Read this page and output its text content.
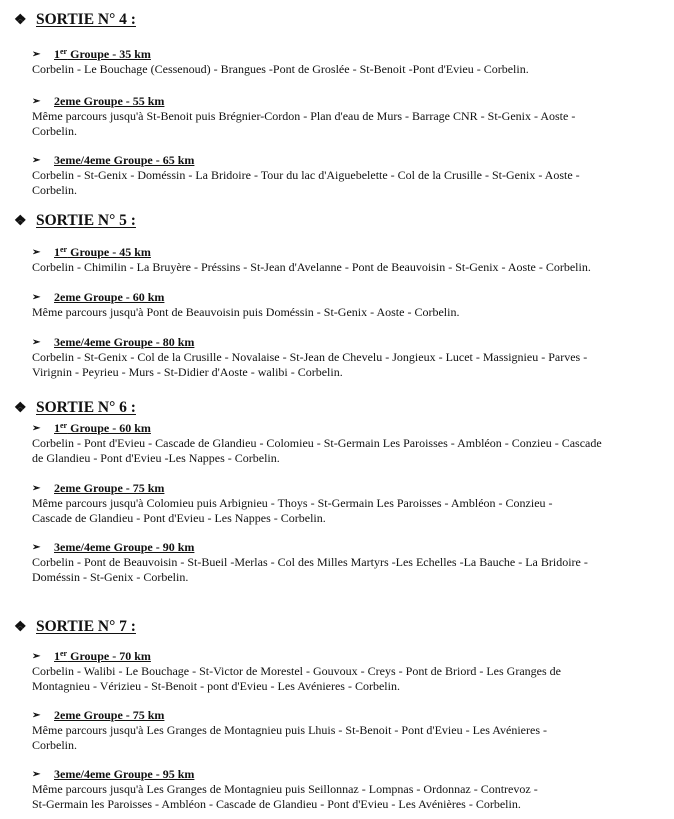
❖ SORTIE N° 4 :
➢	1er Groupe - 35 km
Corbelin - Le Bouchage (Cessenoud) - Brangues -Pont de Groslée - St-Benoit -Pont d'Evieu - Corbelin.
➢	2eme Groupe - 55 km
Même parcours jusqu'à St-Benoit puis Brégnier-Cordon - Plan d'eau de Murs - Barrage CNR - St-Genix - Aoste -
Corbelin.
➢	3eme/4eme Groupe - 65 km
Corbelin - St-Genix - Doméssin - La Bridoire - Tour du lac d'Aiguebelette - Col de la Crusille - St-Genix - Aoste -
Corbelin.
❖ SORTIE N° 5 :
➢	1er Groupe - 45 km
Corbelin - Chimilin - La Bruyère - Préssins - St-Jean d'Avelanne - Pont de Beauvoisin - St-Genix - Aoste - Corbelin.
➢	2eme Groupe - 60 km
Même parcours jusqu'à Pont de Beauvoisin puis Doméssin - St-Genix - Aoste - Corbelin.
➢	3eme/4eme Groupe - 80 km
Corbelin - St-Genix - Col de la Crusille - Novalaise - St-Jean de Chevelu - Jongieux - Lucet - Massignieu - Parves -
Virignin - Peyrieu - Murs - St-Didier d'Aoste - walibi - Corbelin.
❖ SORTIE N° 6 :
➢	1er Groupe - 60 km
Corbelin - Pont d'Evieu - Cascade de Glandieu - Colomieu - St-Germain Les Paroisses - Ambléon - Conzieu - Cascade
de Glandieu - Pont d'Evieu -Les Nappes - Corbelin.
➢	2eme Groupe - 75 km
Même parcours jusqu'à Colomieu puis Arbignieu - Thoys - St-Germain Les Paroisses - Ambléon - Conzieu -
Cascade de Glandieu - Pont d'Evieu - Les Nappes - Corbelin.
➢	3eme/4eme Groupe - 90 km
Corbelin - Pont de Beauvoisin - St-Bueil -Merlas - Col des Milles Martyrs -Les Echelles -La Bauche - La Bridoire -
Doméssin - St-Genix - Corbelin.
❖ SORTIE N° 7 :
➢	1er Groupe - 70 km
Corbelin - Walibi - Le Bouchage - St-Victor de Morestel - Gouvoux - Creys - Pont de Briord - Les Granges de
Montagnieu - Vérizieu - St-Benoit - pont d'Evieu - Les Avénieres - Corbelin.
➢	2eme Groupe - 75 km
Même parcours jusqu'à Les Granges de Montagnieu puis Lhuis - St-Benoit - Pont d'Evieu - Les Avénieres -
Corbelin.
➢	3eme/4eme Groupe - 95 km
Même parcours jusqu'à Les Granges de Montagnieu puis Seillonnaz - Lompnas - Ordonnaz - Contrevoz -
St-Germain les Paroisses - Ambléon - Cascade de Glandieu - Pont d'Evieu - Les Avénières - Corbelin.
